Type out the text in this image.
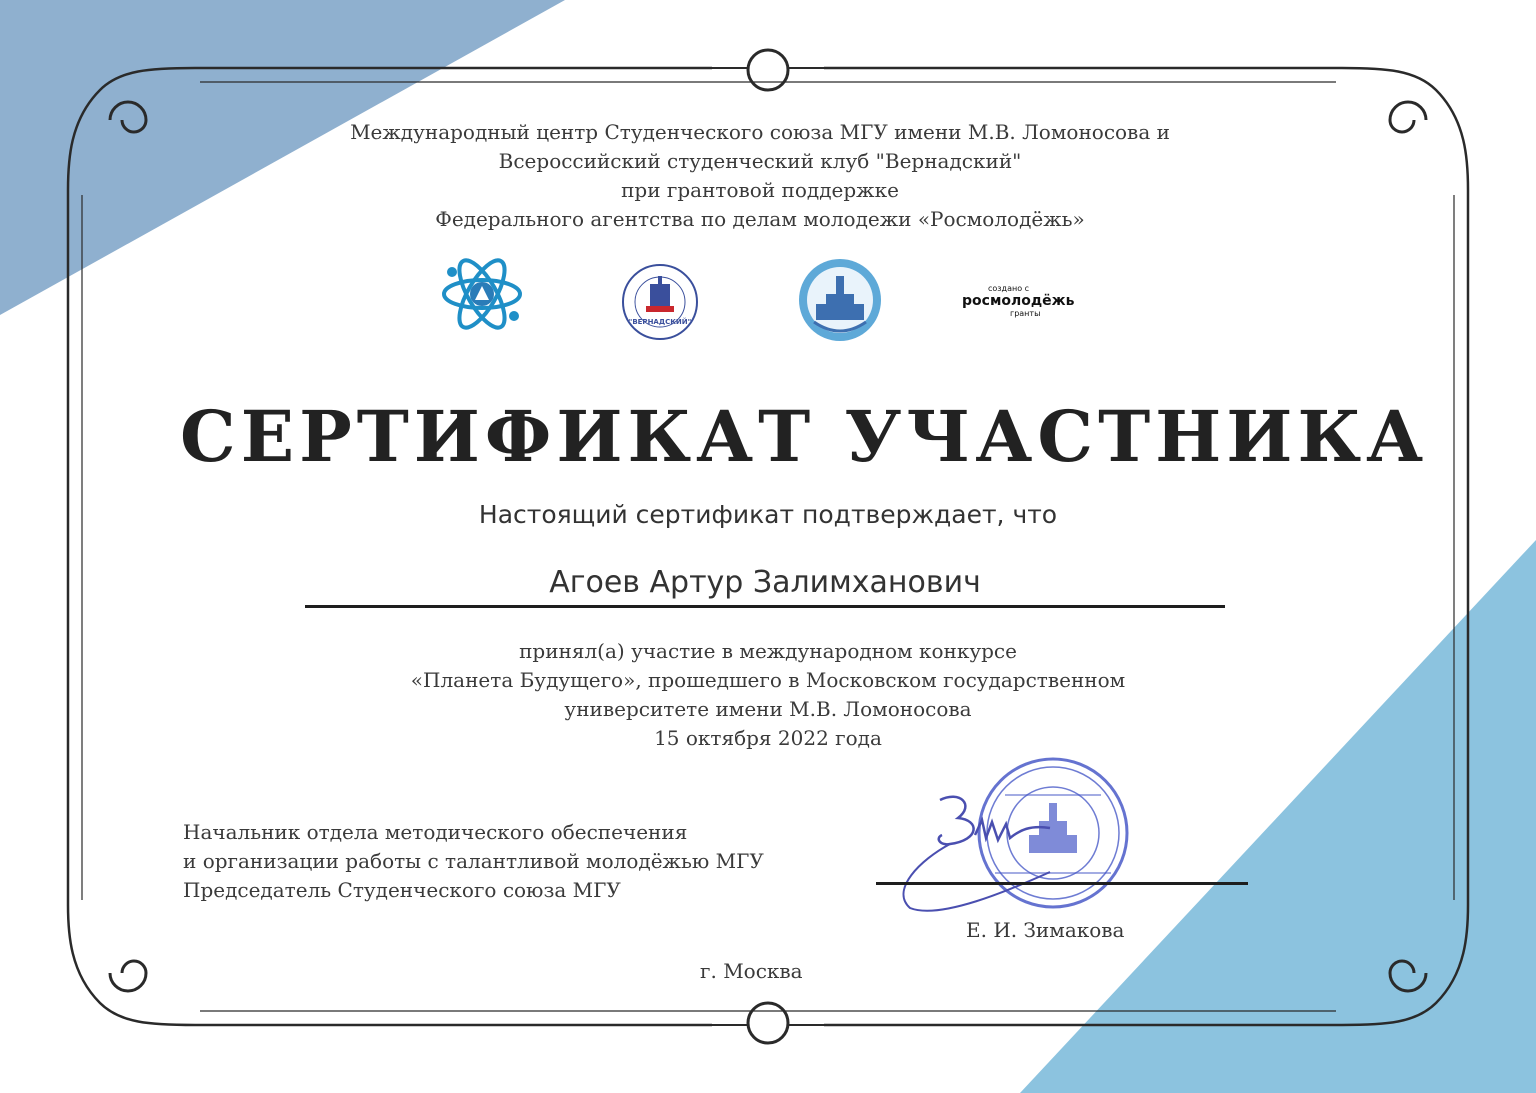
Международный центр Студенческого союза МГУ имени М.В. Ломоносова и
Всероссийский студенческий клуб "Вернадский"
при грантовой поддержке
Федерального агентства по делам молодежи «Росмолодёжь»
"ВЕРНАДСКИЙ"
создано с
росмолодёжь
гранты
СЕРТИФИКАТ УЧАСТНИКА
Настоящий сертификат подтверждает, что
Агоев Артур Залимханович
принял(а) участие в международном конкурсе
«Планета Будущего», прошедшего в Московском государственном
университете имени М.В. Ломоносова
15 октября 2022 года
Начальник отдела методического обеспечения
и организации работы с талантливой молодёжью МГУ
Председатель Студенческого союза МГУ
Е. И. Зимакова
г. Москва
